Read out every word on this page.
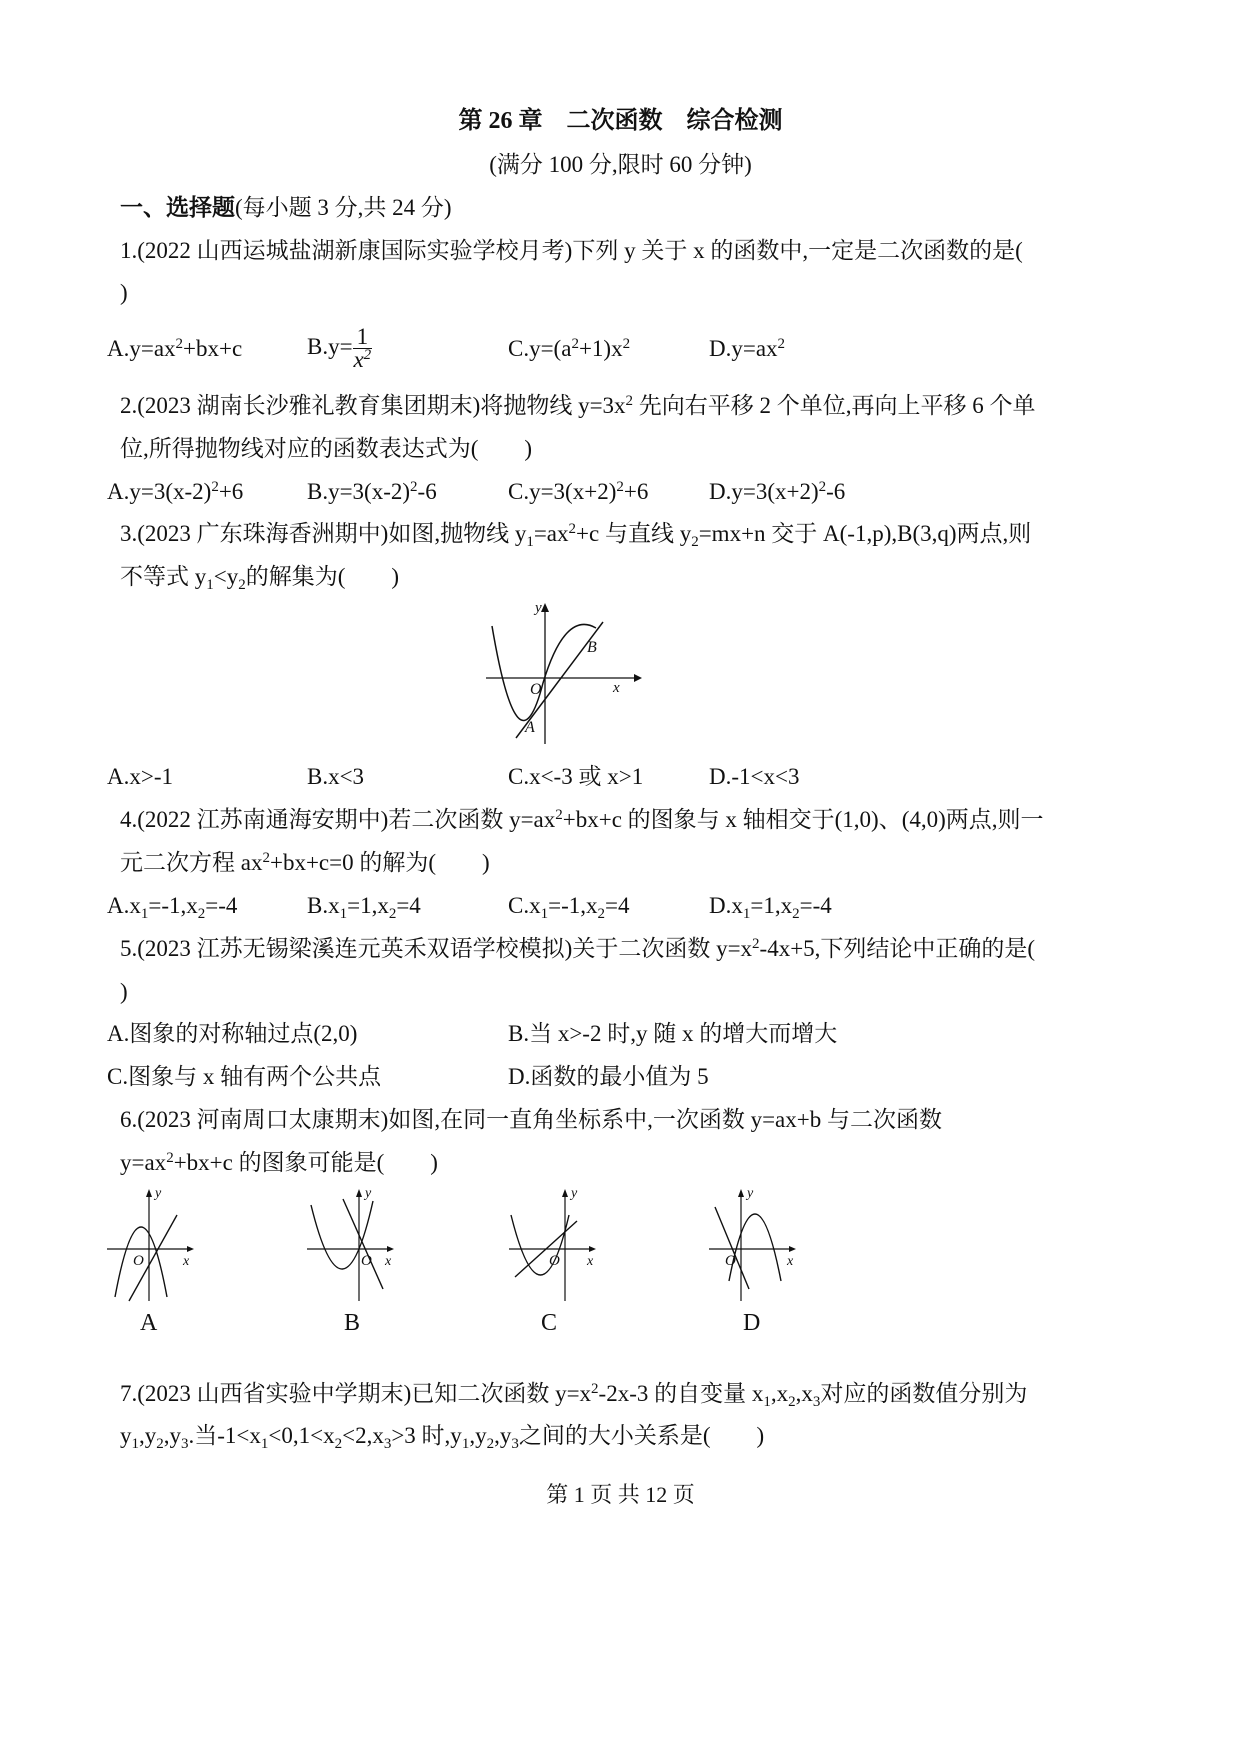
第 26 章　二次函数　综合检测
(满分 100 分,限时 60 分钟)
一、选择题(每小题 3 分,共 24 分)
1.(2022 山西运城盐湖新康国际实验学校月考)下列 y 关于 x 的函数中,一定是二次函数的是(
)
$A.y=ax^2+bx+c$	$B.y= \frac{1}{x^2}$	$C.y=(a^2+1)x^2$	$D.y=ax^2$
2.(2023 湖南长沙雅礼教育集团期末)将抛物线 $y=3x^2$ 先向右平移 2 个单位,再向上平移 6 个单
位,所得抛物线对应的函数表达式为(　　)
$A.y=3(x-2)^2+6$	$B.y=3(x-2)^2-6$	$C.y=3(x+2)^2+6$	$D.y=3(x+2)^2-6$
3.(2023 广东珠海香洲期中)如图,抛物线 $y_1=ax^2+c$ 与直线 $y_2=mx+n$ 交于 A(-1,p),B(3,q)两点,则
不等式 $y_1<y_2$的解集为(　　)
y
x
O
A
B
A.x>-1	B.x<3	C.x<-3 或 x>1	D.-1<x<3
4.(2022 江苏南通海安期中)若二次函数 $y=ax^2+bx+c$ 的图象与 x 轴相交于(1,0)、(4,0)两点,则一
元二次方程 $ax^2+bx+c=0$ 的解为(　　)
$A.x_1=-1,x_2=-4$	$B.x_1=1,x_2=4$	$C.x_1=-1,x_2=4$	$D.x_1=1,x_2=-4$
5.(2023 江苏无锡梁溪连元英禾双语学校模拟)关于二次函数 $y=x^2-4x+5$,下列结论中正确的是(
)
A.图象的对称轴过点(2,0)	B.当 x>-2 时,y 随 x 的增大而增大
C.图象与 x 轴有两个公共点	D.函数的最小值为 5
6.(2023 河南周口太康期末)如图,在同一直角坐标系中,一次函数 y=ax+b 与二次函数
$y=ax^2+bx+c$ 的图象可能是(　　)
y
x
O
A
y
x
O
B
y
x
O
C
y
x
O
D
7.(2023 山西省实验中学期末)已知二次函数 $y=x^2-2x-3$ 的自变量 $x_1,x_2,x_3$对应的函数值分别为
$y_1,y_2,y_3$.当$-1<x_1<0,1<x_2<2,x_3>3$ 时$,y_1,y_2,y_3$之间的大小关系是(　　)
第 1 页 共 12 页
